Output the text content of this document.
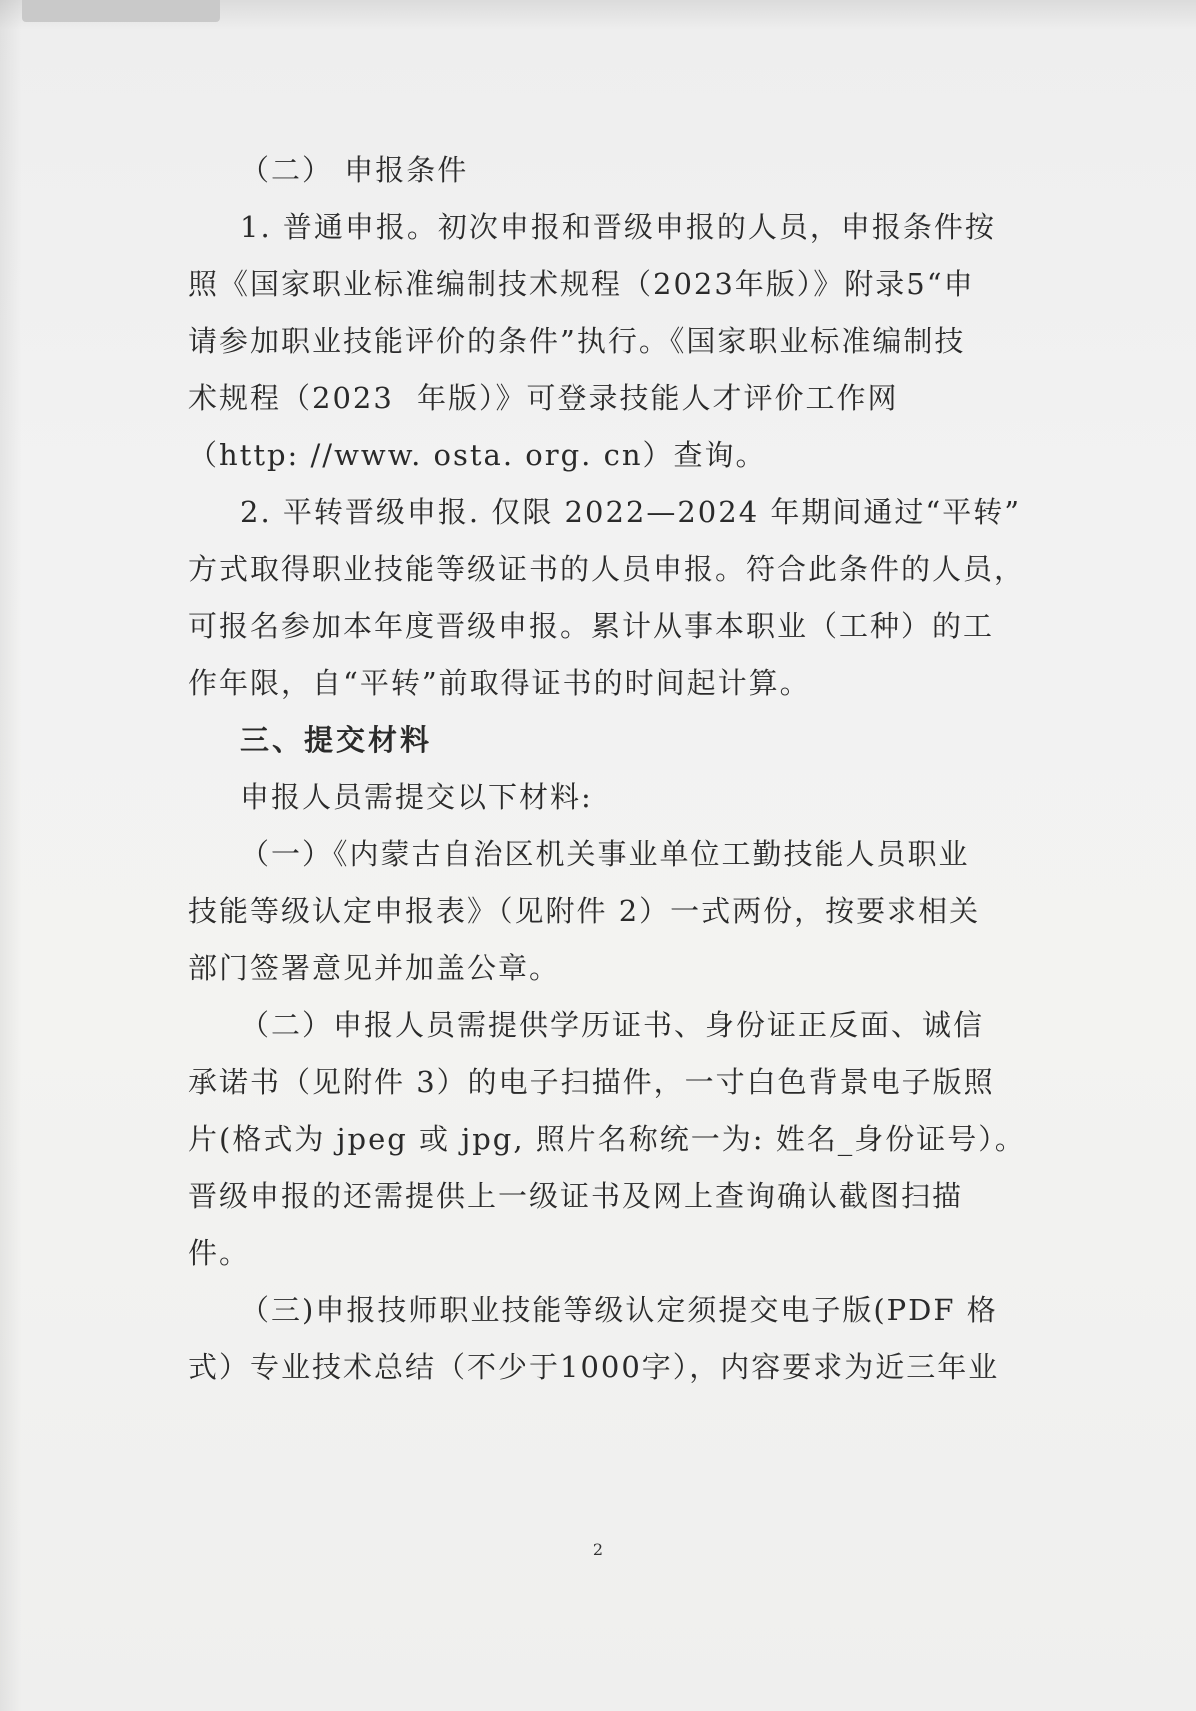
（二） 申报条件
1. 普通申报。初次申报和晋级申报的人员，申报条件按
照《国家职业标准编制技术规程（2023年版）》附录5“申
请参加职业技能评价的条件”执行。《国家职业标准编制技
术规程（2023 年版）》可登录技能人才评价工作网
（http: //www. osta. org. cn）查询。
2. 平转晋级申报. 仅限 2022—2024 年期间通过“平转”
方式取得职业技能等级证书的人员申报。符合此条件的人员，
可报名参加本年度晋级申报。累计从事本职业（工种）的工
作年限，自“平转”前取得证书的时间起计算。
三、提交材料
申报人员需提交以下材料:
（一）《内蒙古自治区机关事业单位工勤技能人员职业
技能等级认定申报表》（见附件 2）一式两份，按要求相关
部门签署意见并加盖公章。
（二）申报人员需提供学历证书、身份证正反面、诚信
承诺书（见附件 3）的电子扫描件，一寸白色背景电子版照
片(格式为 jpeg 或 jpg, 照片名称统一为: 姓名_身份证号）。
晋级申报的还需提供上一级证书及网上查询确认截图扫描
件。
（三)申报技师职业技能等级认定须提交电子版(PDF 格
式）专业技术总结（不少于1000字），内容要求为近三年业
2
